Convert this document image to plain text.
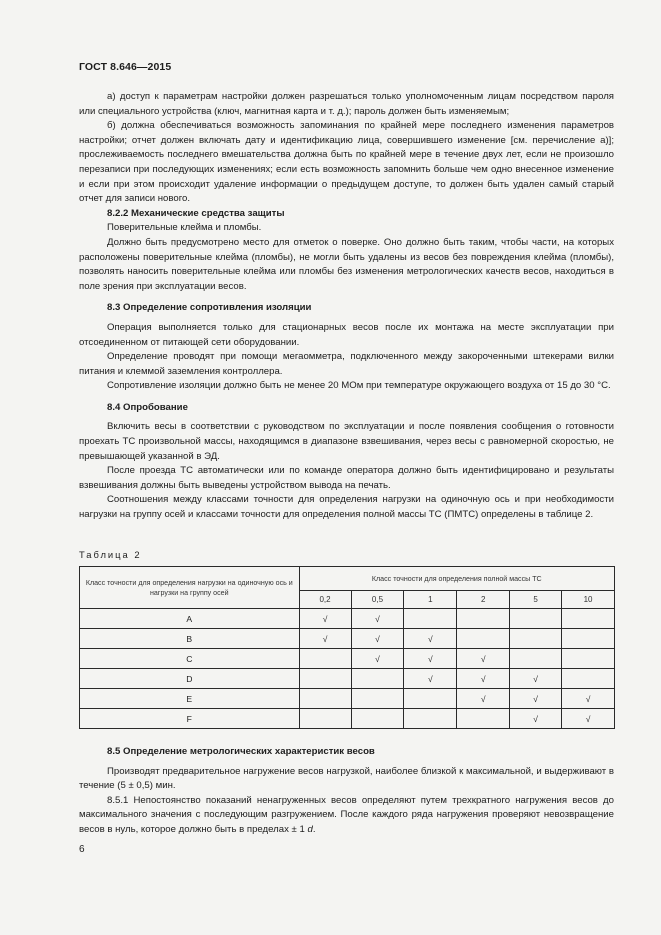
ГОСТ 8.646—2015

а) доступ к параметрам настройки должен разрешаться только уполномоченным лицам посредством пароля или специального устройства (ключ, магнитная карта и т. д.); пароль должен быть изменяемым;

б) должна обеспечиваться возможность запоминания по крайней мере последнего изменения параметров настройки; отчет должен включать дату и идентификацию лица, совершившего изменение [см. перечисление а)]; прослеживаемость последнего вмешательства должна быть по крайней мере в течение двух лет, если не произошло перезаписи при последующих изменениях; если есть возможность запомнить больше чем одно внесенное изменение и если при этом происходит удаление информации о предыдущем доступе, то должен быть удален самый старый отчет для записи нового.

8.2.2 Механические средства защиты

Поверительные клейма и пломбы.

Должно быть предусмотрено место для отметок о поверке. Оно должно быть таким, чтобы части, на которых расположены поверительные клейма (пломбы), не могли быть удалены из весов без повреждения клейма (пломбы), позволять наносить поверительные клейма или пломбы без изменения метрологических качеств весов, находиться в поле зрения при эксплуатации весов.

8.3 Определение сопротивления изоляции

Операция выполняется только для стационарных весов после их монтажа на месте эксплуатации при отсоединенном от питающей сети оборудовании.

Определение проводят при помощи мегаомметра, подключенного между закороченными штекерами вилки питания и клеммой заземления контроллера.

Сопротивление изоляции должно быть не менее 20 МОм при температуре окружающего воздуха от 15 до 30 °С.

8.4 Опробование

Включить весы в соответствии с руководством по эксплуатации и после появления сообщения о готовности проехать ТС произвольной массы, находящимся в диапазоне взвешивания, через весы с равномерной скоростью, не превышающей указанной в ЭД.

После проезда ТС автоматически или по команде оператора должно быть идентифицировано и результаты взвешивания должны быть выведены устройством вывода на печать.

Соотношения между классами точности для определения нагрузки на одиночную ось и при необходимости нагрузки на группу осей и классами точности для определения полной массы ТС (ПМТС) определены в таблице 2.

Таблица 2
Класс точности для определения нагрузки на одиночную ось и нагрузки на группу осей	Класс точности для определения полной массы ТС					
	0,2	0,5	1	2	5	10
A	√	√				
B	√	√	√			
C		√	√	√		
D			√	√	√	
E				√	√	√
F					√	√

8.5 Определение метрологических характеристик весов

Производят предварительное нагружение весов нагрузкой, наиболее близкой к максимальной, и выдерживают в течение (5 ± 0,5) мин.

8.5.1 Непостоянство показаний ненагруженных весов определяют путем трехкратного нагружения весов до максимального значения с последующим разгружением. После каждого ряда нагружения проверяют невозвращение весов в нуль, которое должно быть в пределах ± 1 d.

6
